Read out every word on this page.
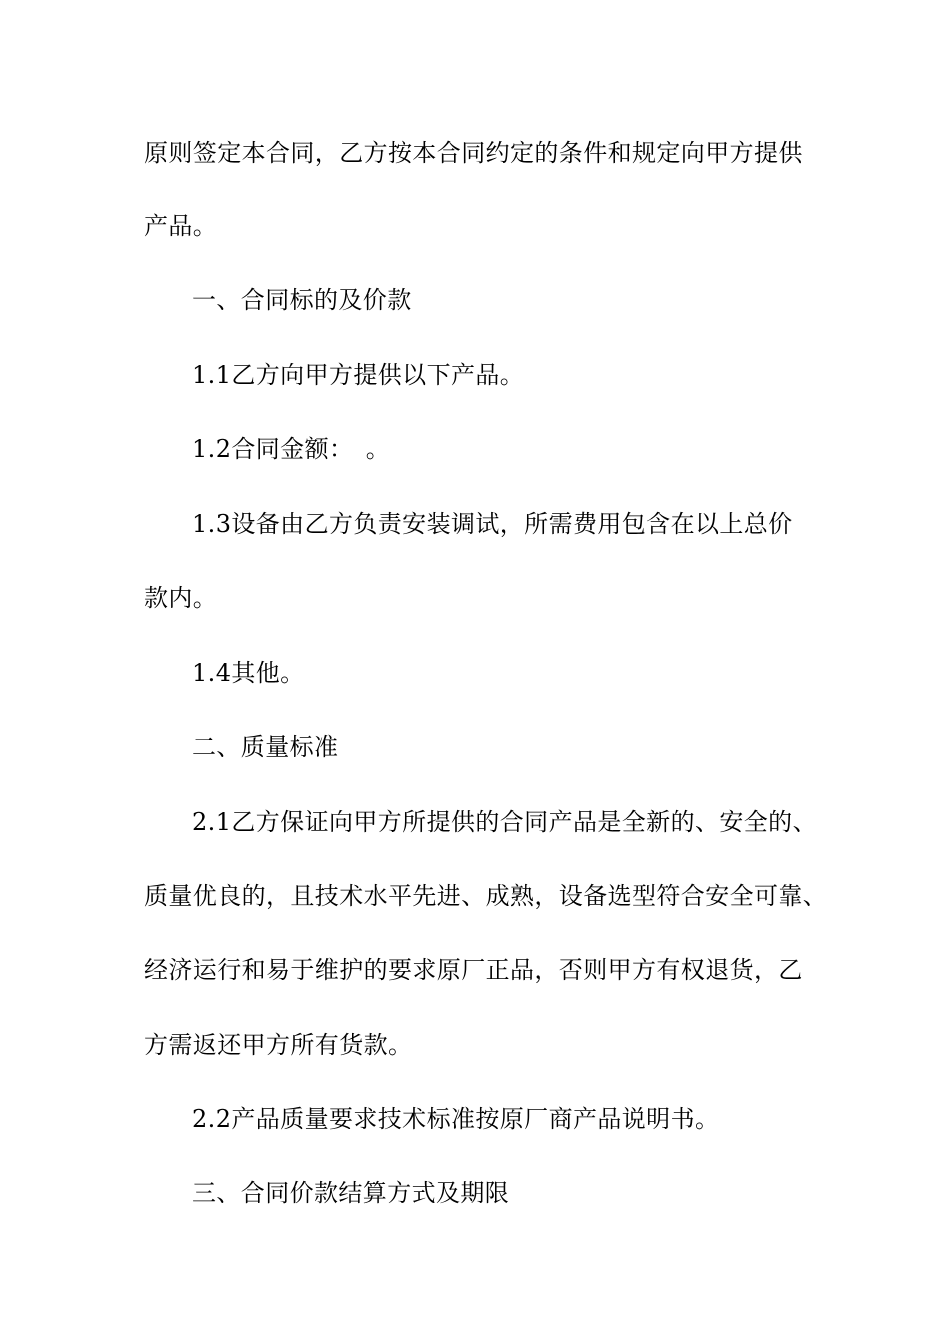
原则签定本合同，乙方按本合同约定的条件和规定向甲方提供
产品。
一、合同标的及价款
1.1乙方向甲方提供以下产品。
1.2合同金额：　。
1.3设备由乙方负责安装调试，所需费用包含在以上总价
款内。
1.4其他。
二、质量标准
2.1乙方保证向甲方所提供的合同产品是全新的、安全的、
质量优良的，且技术水平先进、成熟，设备选型符合安全可靠、
经济运行和易于维护的要求原厂正品，否则甲方有权退货，乙
方需返还甲方所有货款。
2.2产品质量要求技术标准按原厂商产品说明书。
三、合同价款结算方式及期限
